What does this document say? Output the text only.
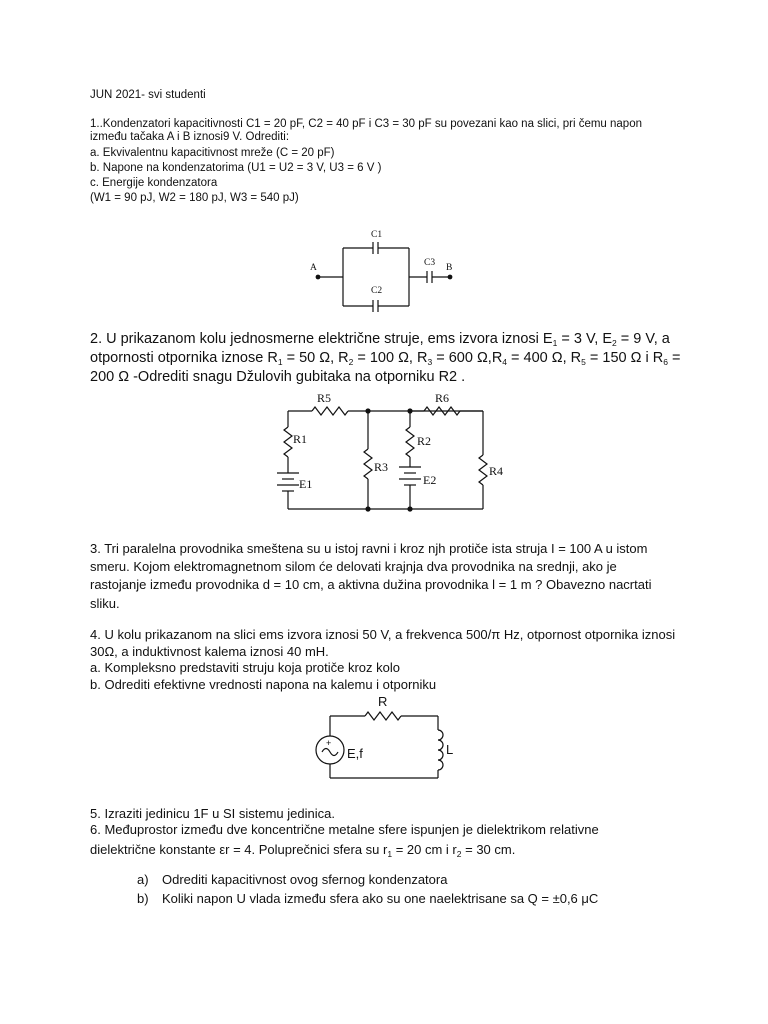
JUN 2021- svi studenti
1..Kondenzatori kapacitivnosti C1 = 20 pF, C2 = 40 pF i C3 = 30 pF su povezani kao na slici, pri čemu napon
između tačaka A i B iznosi9 V. Odrediti:
a. Ekvivalentnu kapacitivnost mreže (C = 20 pF)
b. Napone na kondenzatorima (U1 = U2 = 3 V, U3 = 6 V )
c. Energije kondenzatora
(W1 = 90 pJ, W2 = 180 pJ, W3 = 540 pJ)
C1
C2
C3
A	B
2. U prikazanom kolu jednosmerne električne struje, ems izvora iznosi $E_1 = 3$ V, $E_2 = 9$ V, a
otpornosti otpornika iznose $R_1 = 50$ Ω, $R_2 = 100$ Ω, $R_3 = 600$ $\Omega,R_4 = 400$ Ω, $R_5 = 150$ Ω i $R_6$ =
200 Ω -Odrediti snagu Džulovih gubitaka na otporniku R2 .
R5	R6
R1
E1
R3
R2
E2
R4
3. Tri paralelna provodnika smeštena su u istoj ravni i kroz njh protiče ista struja I = 100 A u istom
smeru. Kojom elektromagnetnom silom će delovati krajnja dva provodnika na srednji, ako je
rastojanje između provodnika d = 10 cm, a aktivna dužina provodnika l = 1 m ? Obavezno nacrtati
sliku.
4. U kolu prikazanom na slici ems izvora iznosi 50 V, a frekvenca 500/π Hz, otpornost otpornika iznosi
30Ω, a induktivnost kalema iznosi 40 mH.
a. Kompleksno predstaviti struju koja protiče kroz kolo
b. Odrediti efektivne vrednosti napona na kalemu i otporniku
+
E,f
R
L
5. Izraziti jedinicu 1F u SI sistemu jedinica.
6. Međuprostor između dve koncentrične metalne sfere ispunjen je dielektrikom relativne
dielektrične konstante εr = 4. Poluprečnici sfera su $r_1 = 20$ cm i $r_2 = 30$ cm.
a) Odrediti kapacitivnost ovog sfernog kondenzatora
b) Koliki napon U vlada između sfera ako su one naelektrisane sa Q = ±0,6 μC
